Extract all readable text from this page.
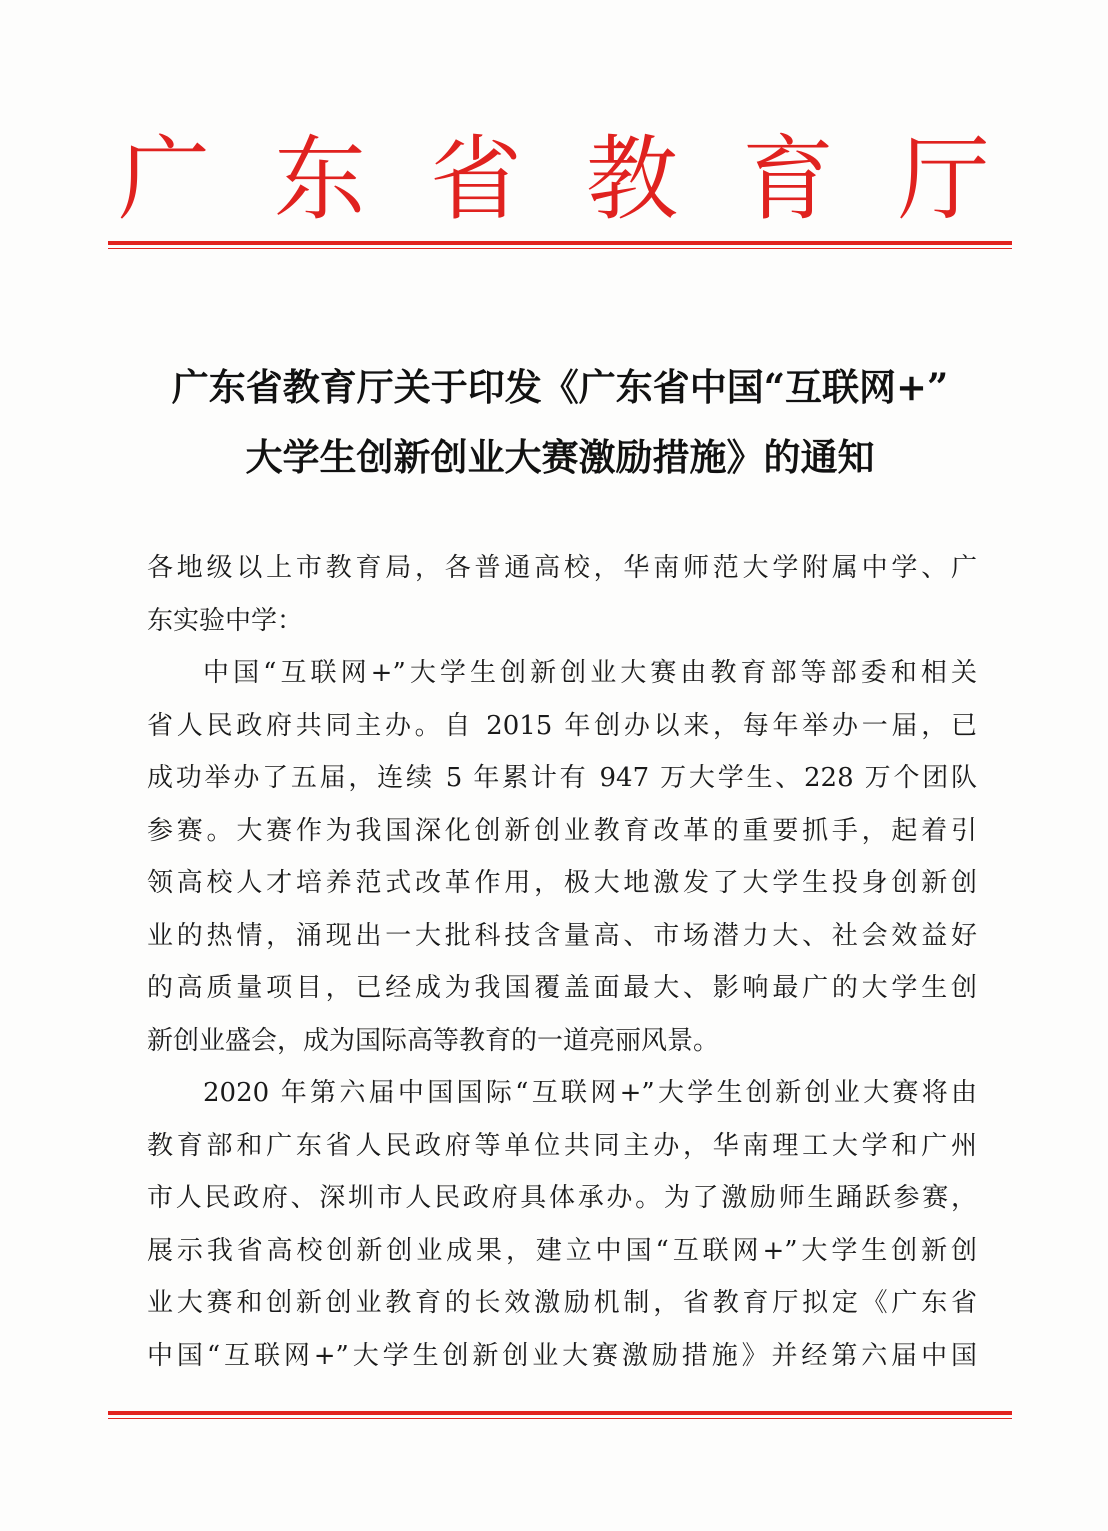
广 东 省 教 育 厅
广东省教育厅关于印发《广东省中国“互联网+”
大学生创新创业大赛激励措施》的通知
各地级以上市教育局，各普通高校，华南师范大学附属中学、广
东实验中学：
中国“互联网+”大学生创新创业大赛由教育部等部委和相关
省人民政府共同主办。自 2015 年创办以来，每年举办一届，已
成功举办了五届，连续 5 年累计有 947 万大学生、228 万个团队
参赛。大赛作为我国深化创新创业教育改革的重要抓手，起着引
领高校人才培养范式改革作用，极大地激发了大学生投身创新创
业的热情，涌现出一大批科技含量高、市场潜力大、社会效益好
的高质量项目，已经成为我国覆盖面最大、影响最广的大学生创
新创业盛会，成为国际高等教育的一道亮丽风景。
2020 年第六届中国国际“互联网+”大学生创新创业大赛将由
教育部和广东省人民政府等单位共同主办，华南理工大学和广州
市人民政府、深圳市人民政府具体承办。为了激励师生踊跃参赛，
展示我省高校创新创业成果，建立中国“互联网+”大学生创新创
业大赛和创新创业教育的长效激励机制，省教育厅拟定《广东省
中国“互联网+”大学生创新创业大赛激励措施》并经第六届中国
